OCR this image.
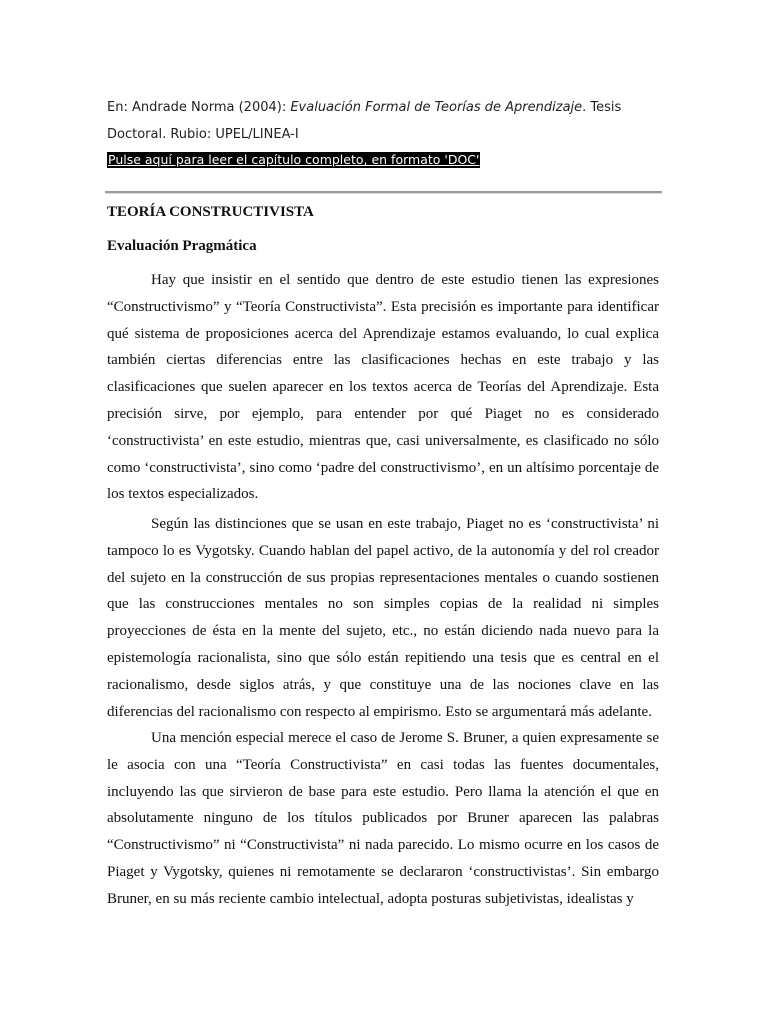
En: Andrade Norma (2004): Evaluación Formal de Teorías de Aprendizaje. Tesis Doctoral. Rubio: UPEL/LINEA-I
Pulse aquí para leer el capítulo completo, en formato 'DOC'
TEORÍA CONSTRUCTIVISTA
Evaluación Pragmática

Hay que insistir en el sentido que dentro de este estudio tienen las expresiones “Constructivismo” y “Teoría Constructivista”. Esta precisión es importante para identificar qué sistema de proposiciones acerca del Aprendizaje estamos evaluando, lo cual explica también ciertas diferencias entre las clasificaciones hechas en este trabajo y las clasificaciones que suelen aparecer en los textos acerca de Teorías del Aprendizaje. Esta precisión sirve, por ejemplo, para entender por qué Piaget no es considerado ‘constructivista’ en este estudio, mientras que, casi universalmente, es clasificado no sólo como ‘constructivista’, sino como ‘padre del constructivismo’, en un altísimo porcentaje de los textos especializados.

Según las distinciones que se usan en este trabajo, Piaget no es ‘constructivista’ ni tampoco lo es Vygotsky. Cuando hablan del papel activo, de la autonomía y del rol creador del sujeto en la construcción de sus propias representaciones mentales o cuando sostienen que las construcciones mentales no son simples copias de la realidad ni simples proyecciones de ésta en la mente del sujeto, etc., no están diciendo nada nuevo para la epistemología racionalista, sino que sólo están repitiendo una tesis que es central en el racionalismo, desde siglos atrás, y que constituye una de las nociones clave en las diferencias del racionalismo con respecto al empirismo. Esto se argumentará más adelante.

Una mención especial merece el caso de Jerome S. Bruner, a quien expresamente se le asocia con una “Teoría Constructivista” en casi todas las fuentes documentales, incluyendo las que sirvieron de base para este estudio. Pero llama la atención el que en absolutamente ninguno de los títulos publicados por Bruner aparecen las palabras “Constructivismo” ni “Constructivista” ni nada parecido. Lo mismo ocurre en los casos de Piaget y Vygotsky, quienes ni remotamente se declararon ‘constructivistas’. Sin embargo Bruner, en su más reciente cambio intelectual, adopta posturas subjetivistas, idealistas y
